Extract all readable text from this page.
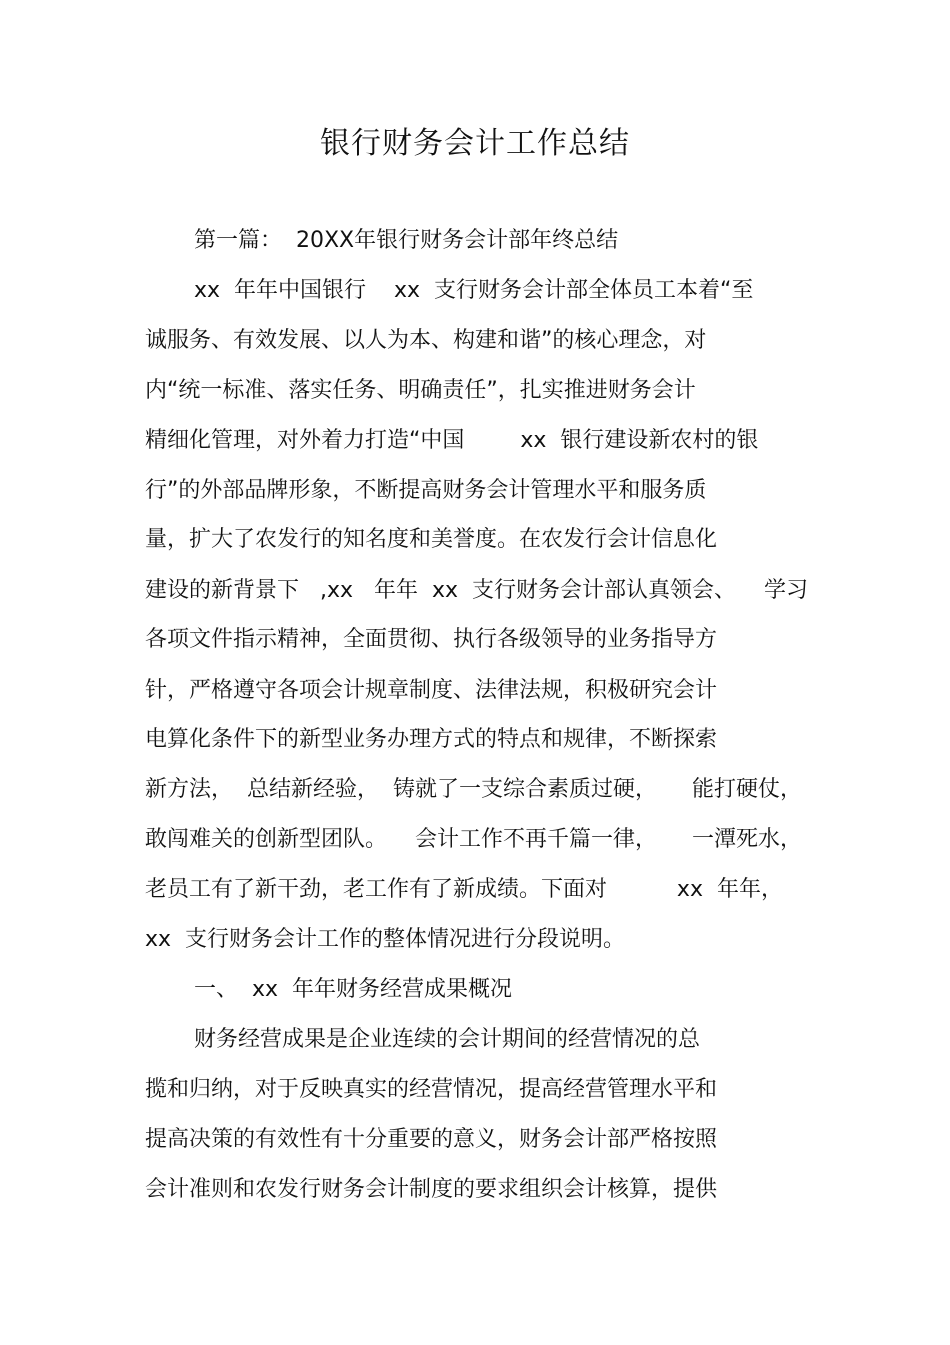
银行财务会计工作总结
第一篇：  20XX年银行财务会计部年终总结
xx  年年中国银行    xx  支行财务会计部全体员工本着“至
诚服务、有效发展、以人为本、构建和谐”的核心理念，对
内“统一标准、落实任务、明确责任”，扎实推进财务会计
精细化管理，对外着力打造“中国        xx  银行建设新农村的银
行”的外部品牌形象，不断提高财务会计管理水平和服务质
量，扩大了农发行的知名度和美誉度。在农发行会计信息化
建设的新背景下   ,xx   年年  xx  支行财务会计部认真领会、    学习
各项文件指示精神，全面贯彻、执行各级领导的业务指导方
针，严格遵守各项会计规章制度、法律法规，积极研究会计
电算化条件下的新型业务办理方式的特点和规律，不断探索
新方法，  总结新经验，  铸就了一支综合素质过硬，     能打硬仗，
敢闯难关的创新型团队。    会计工作不再千篇一律，     一潭死水，
老员工有了新干劲，老工作有了新成绩。下面对          xx  年年，
xx  支行财务会计工作的整体情况进行分段说明。
一、  xx  年年财务经营成果概况
财务经营成果是企业连续的会计期间的经营情况的总
揽和归纳，对于反映真实的经营情况，提高经营管理水平和
提高决策的有效性有十分重要的意义，财务会计部严格按照
会计准则和农发行财务会计制度的要求组织会计核算，提供
